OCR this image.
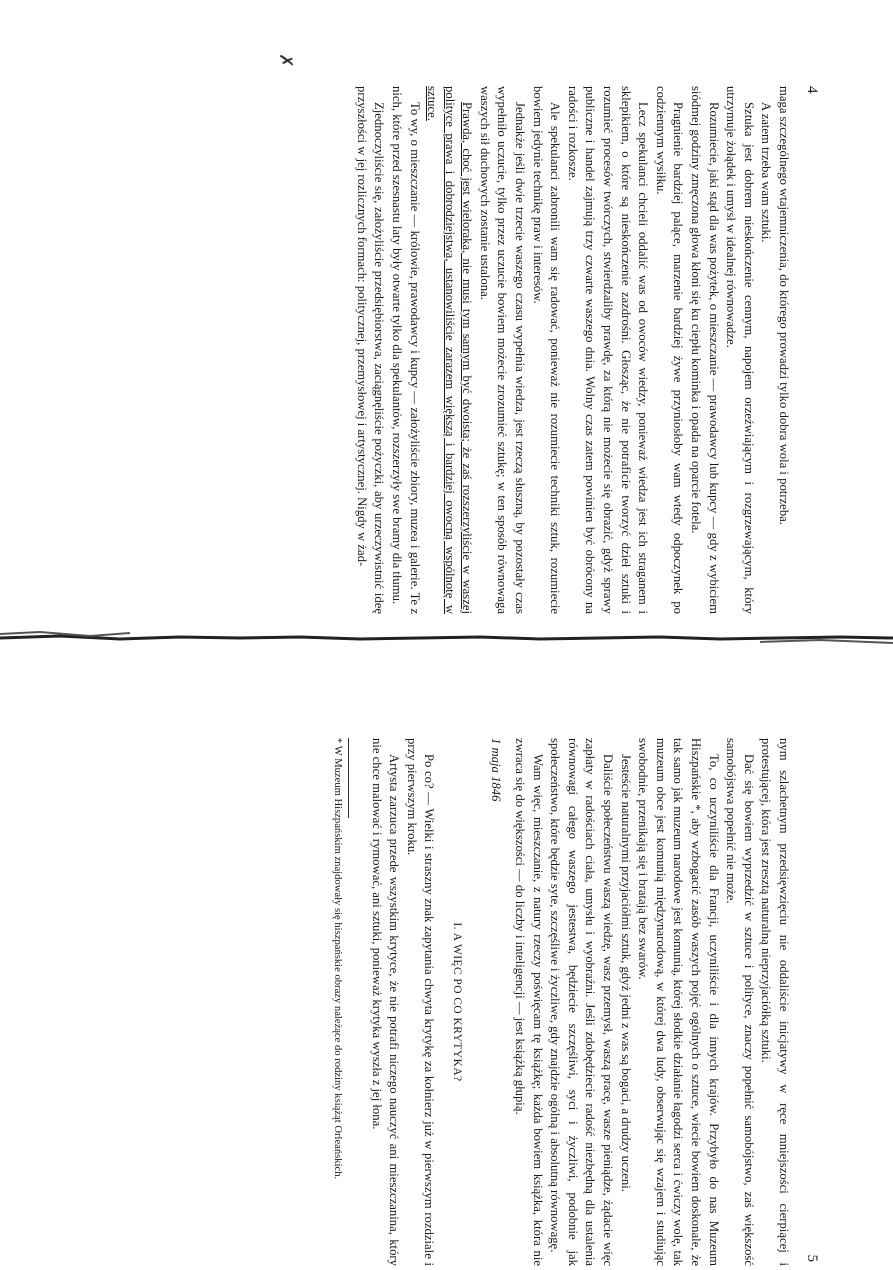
4

maga szczególnego wtajemniczenia, do którego prowadzi tylko dobra wola i potrzeba.

A zatem trzeba wam sztuki.

Sztuka jest dobrem nieskończenie cennym, napojem orzeźwiającym i rozgrzewającym, który utrzymuje żołądek i umysł w idealnej równowadze.

Rozumiecie, jaki stąd dla was pożytek, o mieszczanie — prawodawcy lub kupcy — gdy z wybiciem siódmej godziny zmęczona głowa kłoni się ku ciepłu kominka i opada na oparcie fotela.

Pragnienie bardziej palące, marzenie bardziej żywe przyniosłoby wam wtedy odpoczynek po codziennym wysiłku.

Lecz spekulanci chcieli oddalić was od owoców wiedzy, ponieważ wiedza jest ich straganem i sklepikiem, o które są nieskończenie zazdrośni. Głosząc, że nie potraficie tworzyć dzieł sztuki i rozumieć procesów twórczych, stwierdzaliby prawdę, za którą nie możecie się obrazić, gdyż sprawy publiczne i handel zajmują trzy czwarte waszego dnia. Wolny czas zatem powinien być obrócony na radości i rozkosze.

Ale spekulanci zabronili wam się radować, ponieważ nie rozumiecie techniki sztuk, rozumiecie bowiem jedynie technikę praw i interesów.

Jednakże jeśli dwie trzecie waszego czasu wypełnia wiedza, jest rzeczą słuszną, by pozostały czas wypełniło uczucie, tylko przez uczucie bowiem możecie zrozumieć sztukę; w ten sposób równowaga waszych sił duchowych zostanie ustalona.

Prawda, choć jest wieloraka, nie musi tym samym być dwoista; że zaś rozszerzyliście w waszej polityce prawa i dobrodziejstwa, ustanowiliście zarazem większą i bardziej owocną wspólnotę w sztuce.

To wy, o mieszczanie — królowie, prawodawcy i kupcy — założyliście zbiory, muzea i galerie. Te z nich, które przed szesnastu laty były otwarte tylko dla spekulantów, rozszerzyły swe bramy dla tłumu.

Zjednoczyliście się, założyliście przedsiębiorstwa, zaciągnęliście pożyczki, aby urzeczywistnić ideę przyszłości w jej rozlicznych formach: politycznej, przemysłowej i artystycznej. Nigdy w żad-

✗
5

nym szlachetnym przedsięwzięciu nie oddaliście inicjatywy w ręce mniejszości cierpiącej i protestującej, która jest zresztą naturalną nieprzyjaciółką sztuki.

Dać się bowiem wyprzedzić w sztuce i polityce, znaczy popełnić samobójstwo, zaś większość samobójstwa popełnić nie może.

To, co uczyniliście dla Francji, uczyniliście i dla innych krajów. Przybyło do nas Muzeum Hiszpańskie *, aby wzbogacić zasób waszych pojęć ogólnych o sztuce, wiecie bowiem doskonale, że tak samo jak muzeum narodowe jest komunią, której słodkie działanie łagodzi serca i ćwiczy wolę, tak muzeum obce jest komunią międzynarodową, w której dwa ludy, obserwując się wzajem i studiując swobodnie, przenikają się i bratają bez swarów.

Jesteście naturalnymi przyjaciółmi sztuk, gdyż jedni z was są bogaci, a drudzy uczeni.

Daliście społeczeństwu waszą wiedzę, wasz przemysł, waszą pracę, wasze pieniądze, żądacie więc zapłaty w radościach ciała, umysłu i wyobraźni. Jeśli zdobędziecie radość niezbędną dla ustalenia równowagi całego waszego jestestwa, będziecie szczęśliwi, syci i życzliwi, podobnie jak społeczeństwo, które będzie syte, szczęśliwe i życzliwe, gdy znajdzie ogólną i absolutną równowagę.

Wam więc, mieszczanie, z natury rzeczy poświęcam tę książkę; każda bowiem książka, która nie zwraca się do większości — do liczby i inteligencji — jest książką głupią.

1 maja 1846

I. A WIĘC PO CO KRYTYKA?

Po co? — Wielki i straszny znak zapytania chwyta krytykę za kołnierz już w pierwszym rozdziale i przy pierwszym kroku.

Artysta zarzuca przede wszystkim krytyce, że nie potrafi niczego nauczyć ani mieszczanina, który nie chce malować i rymować, ani sztuki, ponieważ krytyka wyszła z jej łona.

* W Muzeum Hiszpańskim znajdowały się hiszpańskie obrazy należące do rodziny książąt Orleańskich.
